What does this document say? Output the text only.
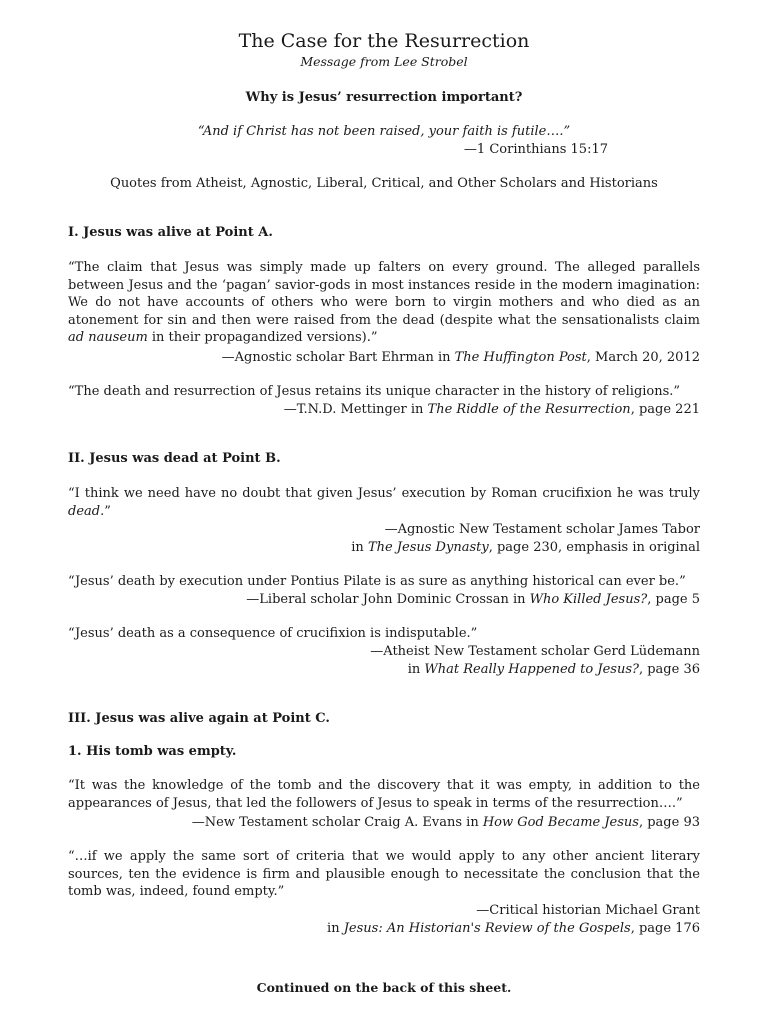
The Case for the Resurrection
Message from Lee Strobel
Why is Jesus’ resurrection important?
“And if Christ has not been raised, your faith is futile….”
—1 Corinthians 15:17
Quotes from Atheist, Agnostic, Liberal, Critical, and Other Scholars and Historians
I. Jesus was alive at Point A.
“The claim that Jesus was simply made up falters on every ground. The alleged parallels between Jesus and the ‘pagan’ savior-gods in most instances reside in the modern imagination: We do not have accounts of others who were born to virgin mothers and who died as an atonement for sin and then were raised from the dead (despite what the sensationalists claim ad nauseum in their propagandized versions).”
—Agnostic scholar Bart Ehrman in The Huffington Post, March 20, 2012
“The death and resurrection of Jesus retains its unique character in the history of religions.”
—T.N.D. Mettinger in The Riddle of the Resurrection, page 221
II. Jesus was dead at Point B.
“I think we need have no doubt that given Jesus’ execution by Roman crucifixion he was truly dead.”
—Agnostic New Testament scholar James Tabor
in The Jesus Dynasty, page 230, emphasis in original
“Jesus’ death by execution under Pontius Pilate is as sure as anything historical can ever be.”
—Liberal scholar John Dominic Crossan in Who Killed Jesus?, page 5
“Jesus’ death as a consequence of crucifixion is indisputable.”
—Atheist New Testament scholar Gerd Lüdemann
in What Really Happened to Jesus?, page 36
III. Jesus was alive again at Point C.
1. His tomb was empty.
“It was the knowledge of the tomb and the discovery that it was empty, in addition to the appearances of Jesus, that led the followers of Jesus to speak in terms of the resurrection….”
—New Testament scholar Craig A. Evans in How God Became Jesus, page 93
“…if we apply the same sort of criteria that we would apply to any other ancient literary sources, ten the evidence is firm and plausible enough to necessitate the conclusion that the tomb was, indeed, found empty.”
—Critical historian Michael Grant
in Jesus: An Historian's Review of the Gospels, page 176
Continued on the back of this sheet.
